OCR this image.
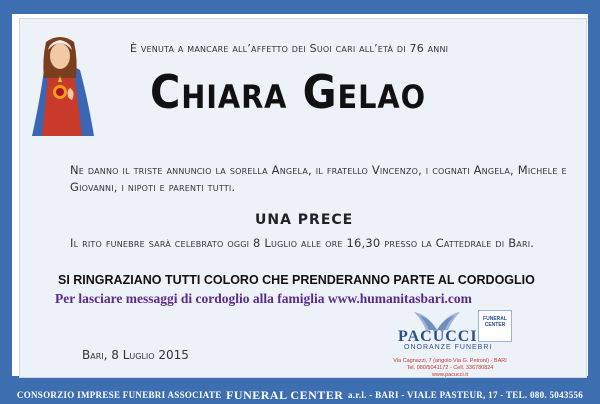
È venuta a mancare all’affetto dei Suoi cari all’età di 76 anni
Chiara Gelao
Ne danno il triste annuncio la sorella Angela, il fratello Vincenzo, i cognati Angela, Michele e Giovanni, i nipoti e parenti tutti.
UNA PRECE
Il rito funebre sarà celebrato oggi 8 Luglio alle ore 16,30 presso la Cattedrale di Bari.
SI RINGRAZIANO TUTTI COLORO CHE PRENDERANNO PARTE AL CORDOGLIO
Per lasciare messaggi di cordoglio alla famiglia www.humanitasbari.com
Bari, 8 Luglio 2015
PACUCCI
ONORANZE FUNEBRI
Via Cagnazzi, 7 (angolo Via G. Petroni) - BARI
Tel. 080/5041172 - Cell. 336780824
www.pacucci.it
FUNERAL CENTER
CONSORZIO IMPRESE FUNEBRI ASSOCIATE
FUNERAL CENTER
a.r.l. - BARI - VIALE PASTEUR, 17 - TEL. 080. 5043556
